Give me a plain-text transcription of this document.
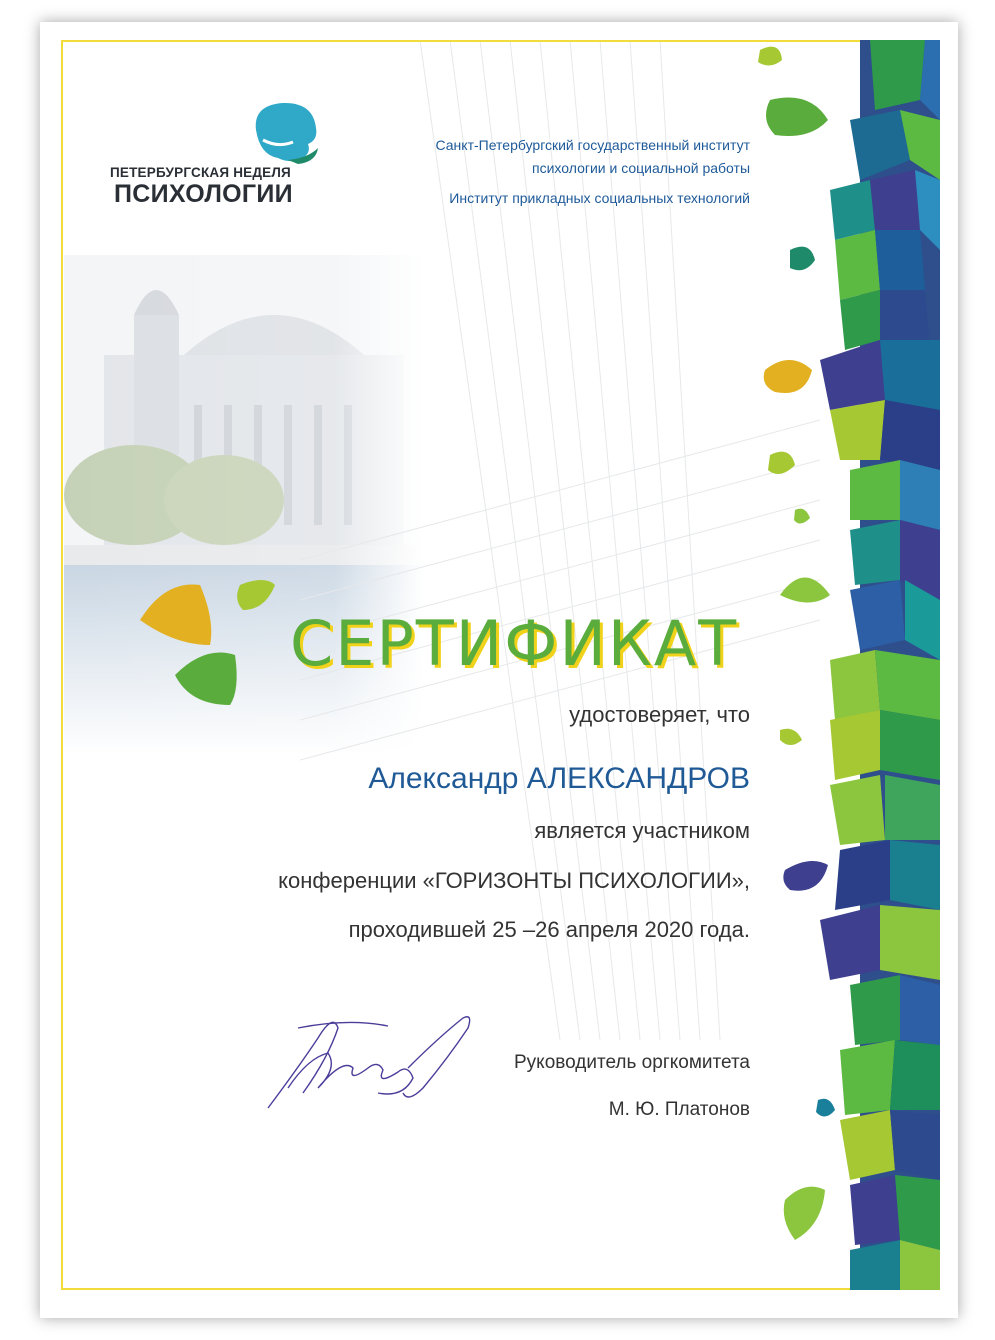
ПЕТЕРБУРГСКАЯ НЕДЕЛЯ
ПСИХОЛОГИИ
Санкт-Петербургский государственный институт
психологии и социальной работы
Институт прикладных социальных технологий
СЕРТИФИКАТ
удостоверяет, что
Александр АЛЕКСАНДРОВ
является участником
конференции «ГОРИЗОНТЫ ПСИХОЛОГИИ»,
проходившей 25 –26 апреля 2020 года.
Руководитель оргкомитета
М. Ю. Платонов
